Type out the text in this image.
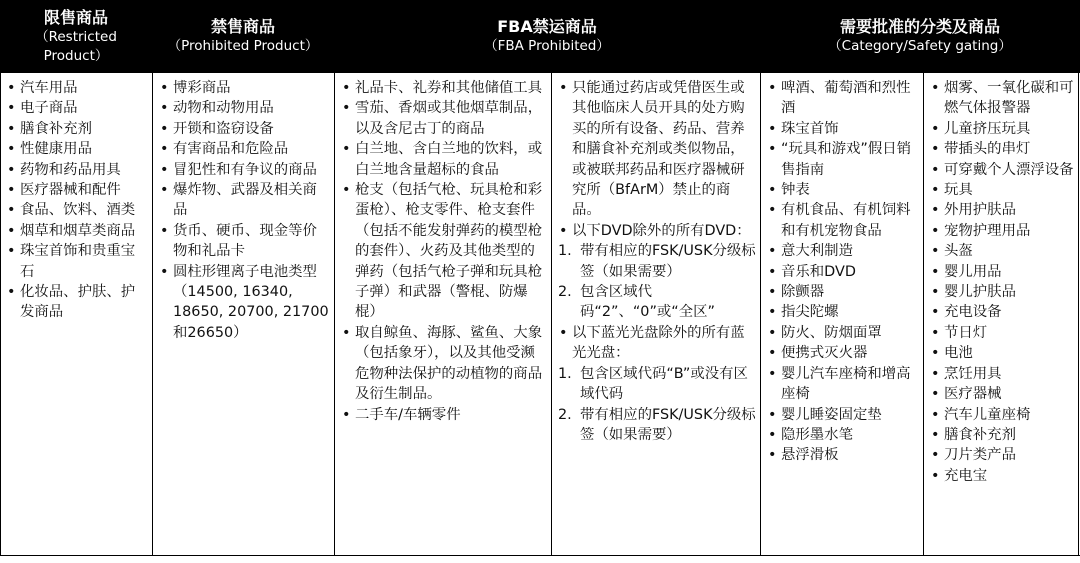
限售商品
（Restricted
Product）
禁售商品
（Prohibited Product）
FBA禁运商品
（FBA Prohibited）
需要批准的分类及商品
（Category/Safety gating）
• 汽车用品
• 电子商品
• 膳食补充剂
• 性健康用品
• 药物和药品用具
• 医疗器械和配件
• 食品、饮料、酒类
• 烟草和烟草类商品
• 珠宝首饰和贵重宝石
• 化妆品、护肤、护发商品
• 博彩商品
• 动物和动物用品
• 开锁和盗窃设备
• 有害商品和危险品
• 冒犯性和有争议的商品
• 爆炸物、武器及相关商品
• 货币、硬币、现金等价物和礼品卡
• 圆柱形锂离子电池类型（14500, 16340, 18650, 20700, 21700和26650）
• 礼品卡、礼券和其他储值工具
• 雪茄、香烟或其他烟草制品，以及含尼古丁的商品
• 白兰地、含白兰地的饮料，或白兰地含量超标的食品
• 枪支（包括气枪、玩具枪和彩蛋枪）、枪支零件、枪支套件（包括不能发射弹药的模型枪的套件）、火药及其他类型的弹药（包括气枪子弹和玩具枪子弹）和武器（警棍、防爆棍）
• 取自鲸鱼、海豚、鲨鱼、大象（包括象牙），以及其他受濒危物种法保护的动植物的商品及衍生制品。
• 二手车/车辆零件
• 只能通过药店或凭借医生或其他临床人员开具的处方购买的所有设备、药品、营养和膳食补充剂或类似物品，或被联邦药品和医疗器械研究所（BfArM）禁止的商品。
• 以下DVD除外的所有DVD：
1. 带有相应的FSK/USK分级标签（如果需要）
2. 包含区域代码“2”、“0”或“全区”
• 以下蓝光光盘除外的所有蓝光光盘：
1. 包含区域代码“B”或没有区域代码
2. 带有相应的FSK/USK分级标签（如果需要）
• 啤酒、葡萄酒和烈性酒
• 珠宝首饰
• “玩具和游戏”假日销售指南
• 钟表
• 有机食品、有机饲料和有机宠物食品
• 意大利制造
• 音乐和DVD
• 除颤器
• 指尖陀螺
• 防火、防烟面罩
• 便携式灭火器
• 婴儿汽车座椅和增高座椅
• 婴儿睡姿固定垫
• 隐形墨水笔
• 悬浮滑板
• 烟雾、一氧化碳和可燃气体报警器
• 儿童挤压玩具
• 带插头的串灯
• 可穿戴个人漂浮设备
• 玩具
• 外用护肤品
• 宠物护理用品
• 头盔
• 婴儿用品
• 婴儿护肤品
• 充电设备
• 节日灯
• 电池
• 烹饪用具
• 医疗器械
• 汽车儿童座椅
• 膳食补充剂
• 刀片类产品
• 充电宝
